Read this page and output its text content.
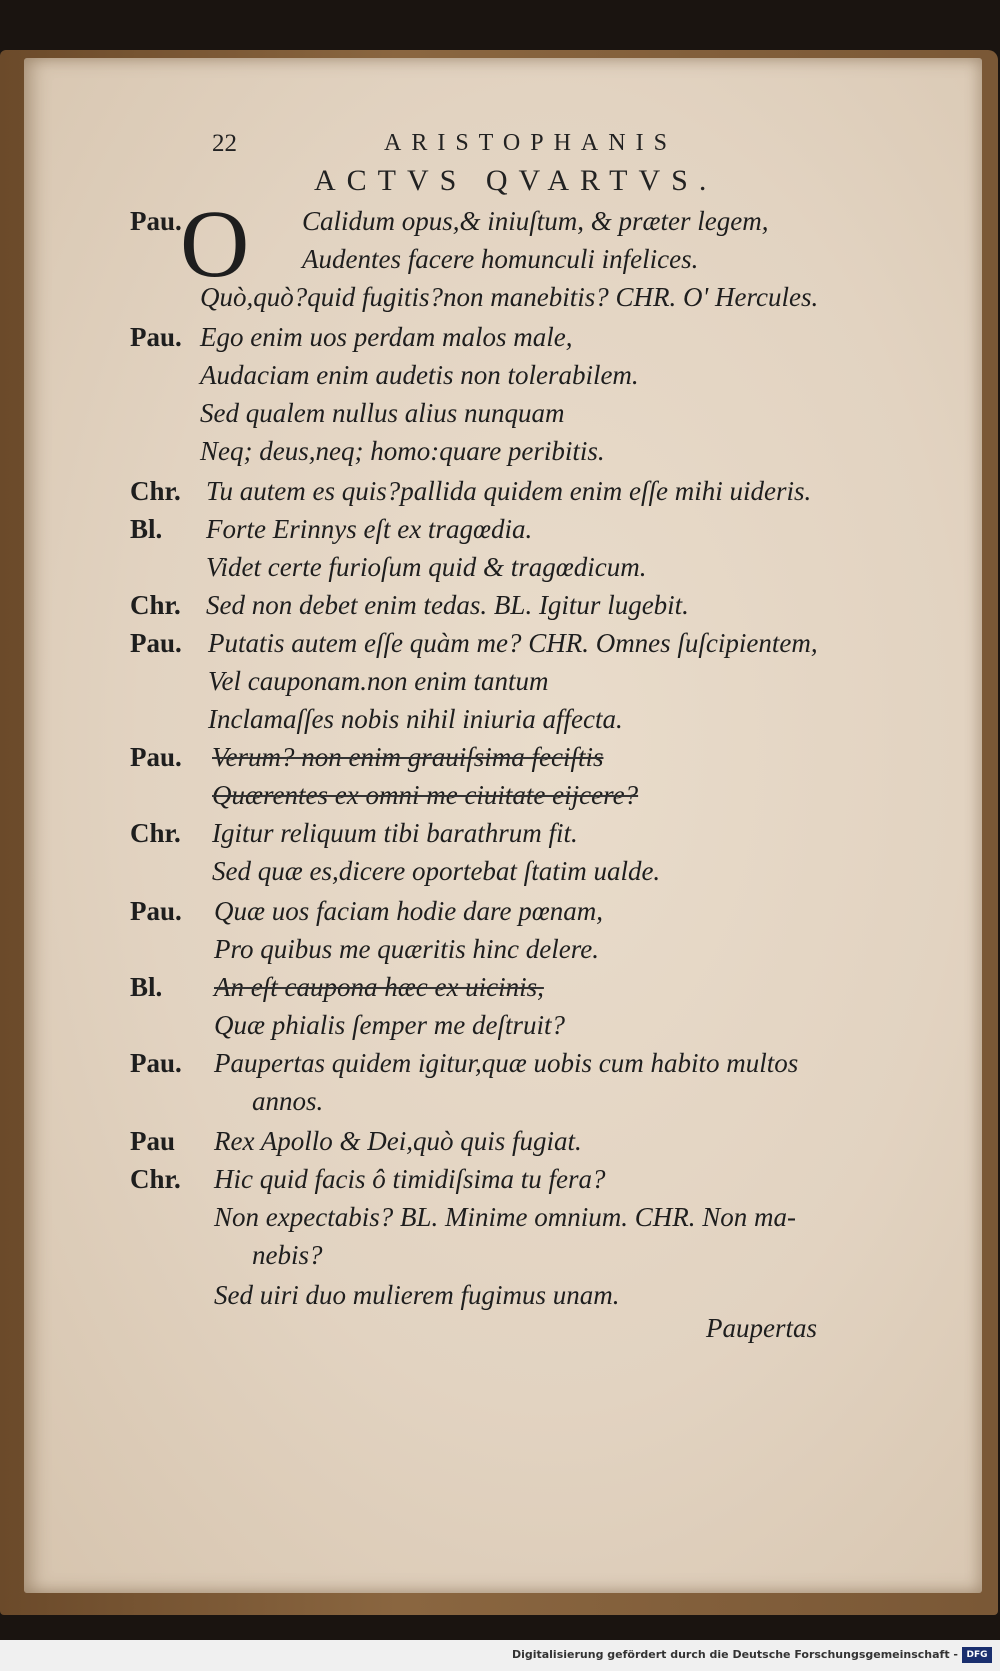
22	ARISTOPHANIS
ACTVS QVARTVS.
O
Pau.	Calidum opus,& iniuſtum, & præter legem,
Audentes facere homunculi infelices.
Quò,quò?quid fugitis?non manebitis? CHR. O' Hercules.
Pau. Ego enim uos perdam malos male,
Audaciam enim audetis non tolerabilem.
Sed qualem nullus alius nunquam
Neq; deus,neq; homo:quare peribitis.
Chr. Tu autem es quis?pallida quidem enim eſſe mihi uideris.
Bl. Forte Erinnys eſt ex tragœdia.
Videt certe furioſum quid & tragœdicum.
Chr. Sed non debet enim tedas. BL. Igitur lugebit.
Pau. Putatis autem eſſe quàm me? CHR. Omnes ſuſcipientem,
Vel cauponam.non enim tantum
Inclamaſſes nobis nihil iniuria affecta.
Pau. Verum? non enim grauiſsima feciſtis
Quærentes ex omni me ciuitate eijcere?
Chr. Igitur reliquum tibi barathrum fit.
Sed quæ es,dicere oportebat ſtatim ualde.
Pau. Quæ uos faciam hodie dare pœnam,
Pro quibus me quæritis hinc delere.
Bl. An eſt caupona hæc ex uicinis,
Quæ phialis ſemper me deſtruit?
Pau. Paupertas quidem igitur,quæ uobis cum habito multos
annos.
Pau Rex Apollo & Dei,quò quis fugiat.
Chr. Hic quid facis ô timidiſsima tu fera?
Non expectabis? BL. Minime omnium. CHR. Non ma-
nebis?
Sed uiri duo mulierem fugimus unam.
Paupertas
Digitalisierung gefördert durch die Deutsche Forschungsgemeinschaft - DFG
